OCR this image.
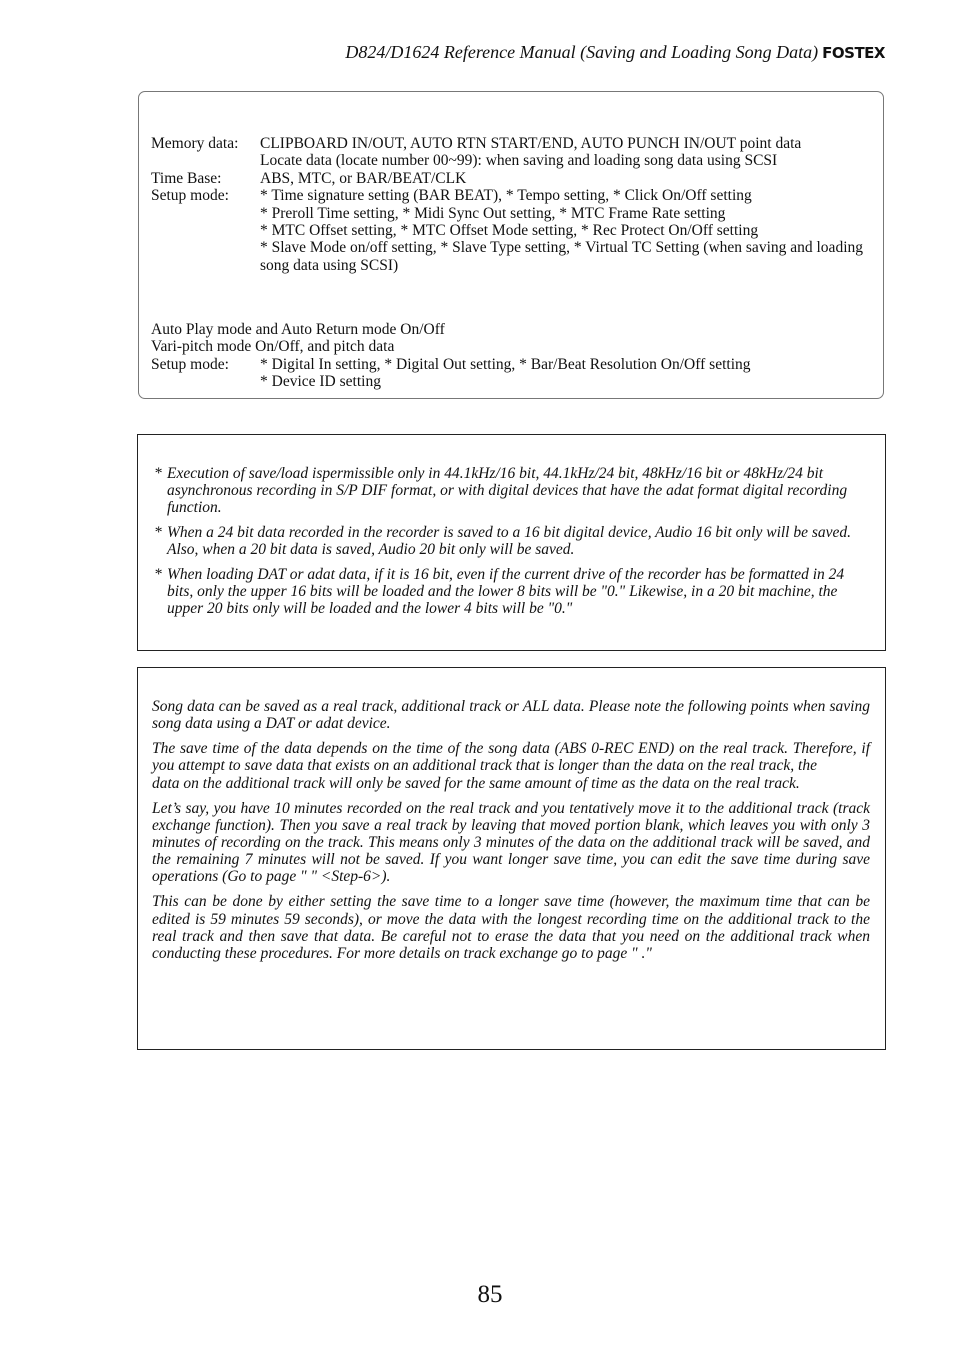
D824/D1624 Reference Manual (Saving and Loading Song Data) FOSTEX
Memory data:	CLIPBOARD IN/OUT, AUTO RTN START/END, AUTO PUNCH IN/OUT point data
Locate data (locate number 00~99): when saving and loading song data using SCSI
Time Base:	ABS, MTC, or BAR/BEAT/CLK
Setup mode:	* Time signature setting (BAR BEAT), * Tempo setting, * Click On/Off setting
* Preroll Time setting, * Midi Sync Out setting, * MTC Frame Rate setting
* MTC Offset setting, * MTC Offset Mode setting, * Rec Protect On/Off setting
* Slave Mode on/off setting, * Slave Type setting, * Virtual TC Setting (when saving and loading song data using SCSI)
Auto Play mode and Auto Return mode On/Off
Vari-pitch mode On/Off, and pitch data
Setup mode:	* Digital In setting, * Digital Out setting, * Bar/Beat Resolution On/Off setting
* Device ID setting
* Execution of save/load ispermissible only in 44.1kHz/16 bit, 44.1kHz/24 bit, 48kHz/16 bit or 48kHz/24 bit asynchronous recording in S/P DIF format, or with digital devices that have the adat format digital recording function.
* When a 24 bit data recorded in the recorder is saved to a 16 bit digital device, Audio 16 bit only will be saved. Also, when a 20 bit data is saved, Audio 20 bit only will be saved.
* When loading DAT or adat data, if it is 16 bit, even if the current drive of the recorder has be formatted in 24 bits, only the upper 16 bits will be loaded and the lower 8 bits will be "0." Likewise, in a 20 bit machine, the upper 20 bits only will be loaded and the lower 4 bits will be "0."

Song data can be saved as a real track, additional track or ALL data. Please note the following points when saving song data using a DAT or adat device.

The save time of the data depends on the time of the song data (ABS 0-REC END) on the real track. Therefore, if you attempt to save data that exists on an additional track that is longer than the data on the real track, the

data on the additional track will only be saved for the same amount of time as the data on the real track.

Let’s say, you have 10 minutes recorded on the real track and you tentatively move it to the additional track (track exchange function). Then you save a real track by leaving that moved portion blank, which leaves you with only 3 minutes of recording on the track. This means only 3 minutes of the data on the additional track will be saved, and the remaining 7 minutes will not be saved. If you want longer save time, you can edit the save time during save operations (Go to page " " <Step-6>).

This can be done by either setting the save time to a longer save time (however, the maximum time that can be edited is 59 minutes 59 seconds), or move the data with the longest recording time on the additional track to the real track and then save that data. Be careful not to erase the data that you need on the additional track when conducting these procedures. For more details on track exchange go to page " ."

85
